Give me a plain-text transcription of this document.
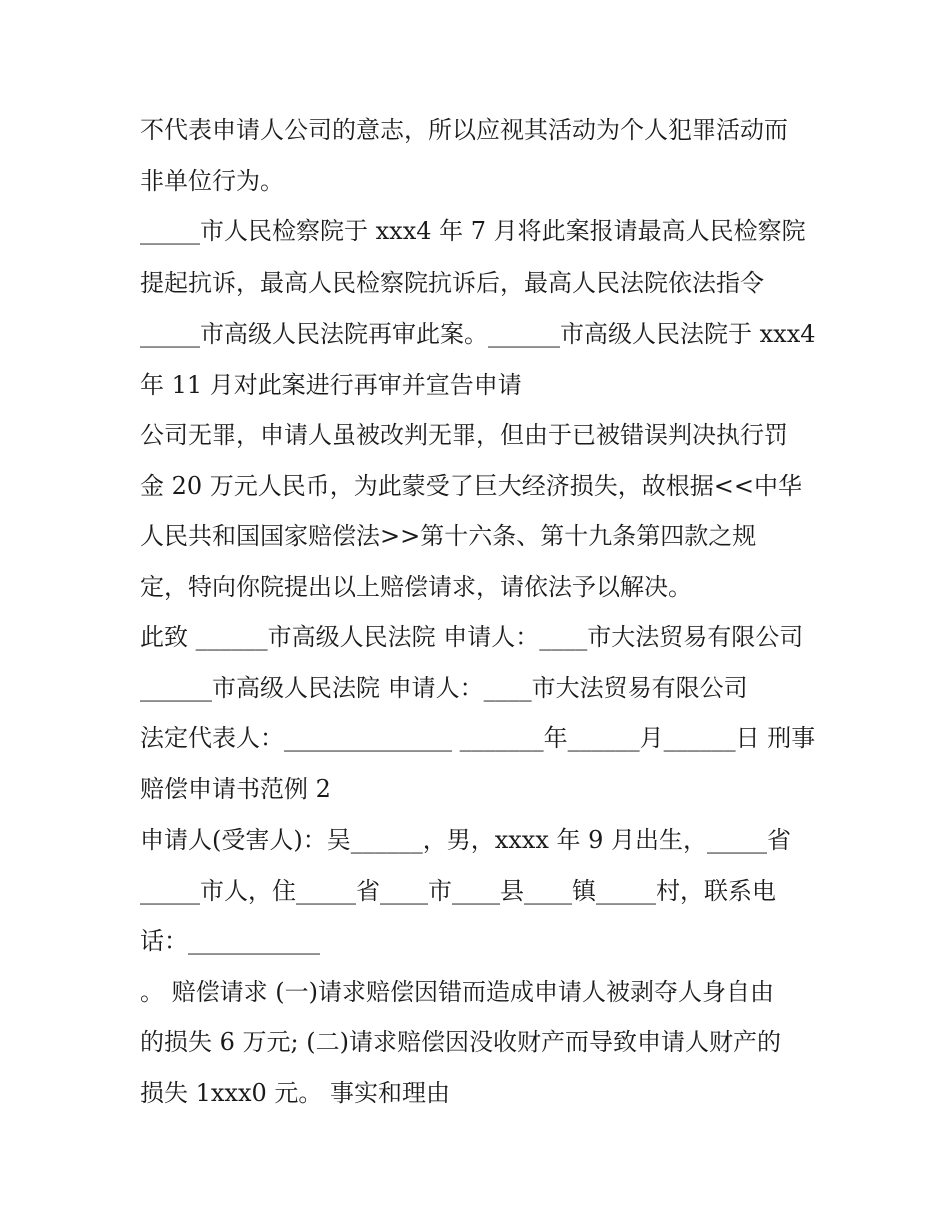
不代表申请人公司的意志，所以应视其活动为个人犯罪活动而

非单位行为。

_____市人民检察院于 xxx4 年 7 月将此案报请最高人民检察院

提起抗诉，最高人民检察院抗诉后，最高人民法院依法指令

_____市高级人民法院再审此案。______市高级人民法院于 xxx4

年 11 月对此案进行再审并宣告申请

公司无罪，申请人虽被改判无罪，但由于已被错误判决执行罚

金 20 万元人民币，为此蒙受了巨大经济损失，故根据<<中华

人民共和国国家赔偿法>>第十六条、第十九条第四款之规

定，特向你院提出以上赔偿请求，请依法予以解决。

此致 ______市高级人民法院 申请人：____市大法贸易有限公司

______市高级人民法院 申请人：____市大法贸易有限公司

法定代表人：______________ _______年______月______日 刑事

赔偿申请书范例 2

申请人(受害人)：吴______，男，xxxx 年 9 月出生，_____省

_____市人，住_____省____市____县____镇_____村，联系电

话：___________

。 赔偿请求 (一)请求赔偿因错而造成申请人被剥夺人身自由

的损失 6 万元; (二)请求赔偿因没收财产而导致申请人财产的

损失 1xxx0 元。 事实和理由
